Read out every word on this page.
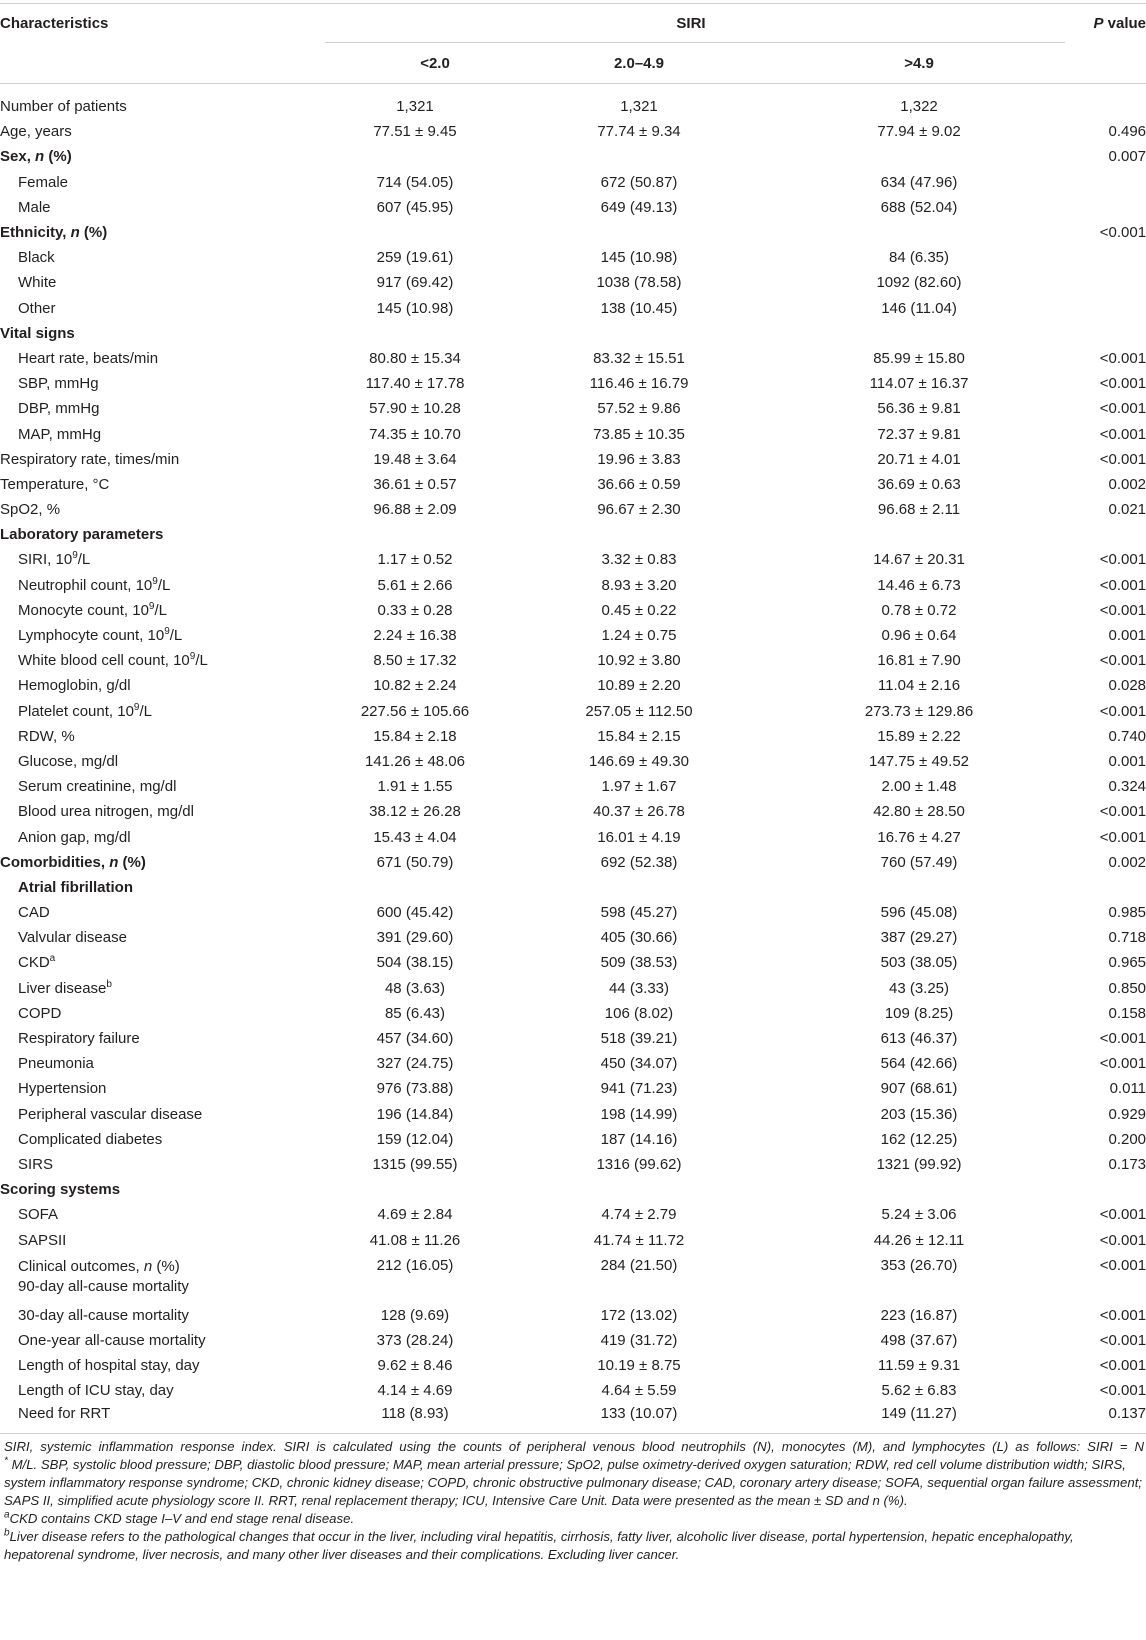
Characteristics	SIRI			P value
	<2.0	2.0–4.9	>4.9	

Number of patients	1,321	1,321	1,322	
Age, years	77.51 ± 9.45	77.74 ± 9.34	77.94 ± 9.02	0.496
Sex, n (%)				0.007
Female	714 (54.05)	672 (50.87)	634 (47.96)	
Male	607 (45.95)	649 (49.13)	688 (52.04)	
Ethnicity, n (%)				<0.001
Black	259 (19.61)	145 (10.98)	84 (6.35)	
White	917 (69.42)	1038 (78.58)	1092 (82.60)	
Other	145 (10.98)	138 (10.45)	146 (11.04)	
Vital signs				
Heart rate, beats/min	80.80 ± 15.34	83.32 ± 15.51	85.99 ± 15.80	<0.001
SBP, mmHg	117.40 ± 17.78	116.46 ± 16.79	114.07 ± 16.37	<0.001
DBP, mmHg	57.90 ± 10.28	57.52 ± 9.86	56.36 ± 9.81	<0.001
MAP, mmHg	74.35 ± 10.70	73.85 ± 10.35	72.37 ± 9.81	<0.001
Respiratory rate, times/min	19.48 ± 3.64	19.96 ± 3.83	20.71 ± 4.01	<0.001
Temperature, °C	36.61 ± 0.57	36.66 ± 0.59	36.69 ± 0.63	0.002
SpO2, %	96.88 ± 2.09	96.67 ± 2.30	96.68 ± 2.11	0.021
Laboratory parameters				
SIRI, $10^9/L$	1.17 ± 0.52	3.32 ± 0.83	14.67 ± 20.31	<0.001
Neutrophil count, $10^9/L$	5.61 ± 2.66	8.93 ± 3.20	14.46 ± 6.73	<0.001
Monocyte count, $10^9/L$	0.33 ± 0.28	0.45 ± 0.22	0.78 ± 0.72	<0.001
Lymphocyte count, $10^9/L$	2.24 ± 16.38	1.24 ± 0.75	0.96 ± 0.64	0.001
White blood cell count, $10^9/L$	8.50 ± 17.32	10.92 ± 3.80	16.81 ± 7.90	<0.001
Hemoglobin, g/dl	10.82 ± 2.24	10.89 ± 2.20	11.04 ± 2.16	0.028
Platelet count, $10^9/L$	227.56 ± 105.66	257.05 ± 112.50	273.73 ± 129.86	<0.001
RDW, %	15.84 ± 2.18	15.84 ± 2.15	15.89 ± 2.22	0.740
Glucose, mg/dl	141.26 ± 48.06	146.69 ± 49.30	147.75 ± 49.52	0.001
Serum creatinine, mg/dl	1.91 ± 1.55	1.97 ± 1.67	2.00 ± 1.48	0.324
Blood urea nitrogen, mg/dl	38.12 ± 26.28	40.37 ± 26.78	42.80 ± 28.50	<0.001
Anion gap, mg/dl	15.43 ± 4.04	16.01 ± 4.19	16.76 ± 4.27	<0.001
Comorbidities, n (%)	671 (50.79)	692 (52.38)	760 (57.49)	0.002
Atrial fibrillation				
CAD	600 (45.42)	598 (45.27)	596 (45.08)	0.985
Valvular disease	391 (29.60)	405 (30.66)	387 (29.27)	0.718
CKD$^a$	504 (38.15)	509 (38.53)	503 (38.05)	0.965
Liver disease$^b$	48 (3.63)	44 (3.33)	43 (3.25)	0.850
COPD	85 (6.43)	106 (8.02)	109 (8.25)	0.158
Respiratory failure	457 (34.60)	518 (39.21)	613 (46.37)	<0.001
Pneumonia	327 (24.75)	450 (34.07)	564 (42.66)	<0.001
Hypertension	976 (73.88)	941 (71.23)	907 (68.61)	0.011
Peripheral vascular disease	196 (14.84)	198 (14.99)	203 (15.36)	0.929
Complicated diabetes	159 (12.04)	187 (14.16)	162 (12.25)	0.200
SIRS	1315 (99.55)	1316 (99.62)	1321 (99.92)	0.173
Scoring systems				
SOFA	4.69 ± 2.84	4.74 ± 2.79	5.24 ± 3.06	<0.001
SAPSII	41.08 ± 11.26	41.74 ± 11.72	44.26 ± 12.11	<0.001
Clinical outcomes, n (%)
90-day all-cause mortality	212 (16.05)	284 (21.50)	353 (26.70)	<0.001
30-day all-cause mortality	128 (9.69)	172 (13.02)	223 (16.87)	<0.001
One-year all-cause mortality	373 (28.24)	419 (31.72)	498 (37.67)	<0.001
Length of hospital stay, day	9.62 ± 8.46	10.19 ± 8.75	11.59 ± 9.31	<0.001
Length of ICU stay, day	4.14 ± 4.69	4.64 ± 5.59	5.62 ± 6.83	<0.001
Need for RRT	118 (8.93)	133 (10.07)	149 (11.27)	0.137

SIRI, systemic inflammation response index. SIRI is calculated using the counts of peripheral venous blood neutrophils (N), monocytes (M), and lymphocytes (L) as follows: SIRI = N

* M/L. SBP, systolic blood pressure; DBP, diastolic blood pressure; MAP, mean arterial pressure; SpO2, pulse oximetry-derived oxygen saturation; RDW, red cell volume distribution width; SIRS, system inflammatory response syndrome; CKD, chronic kidney disease; COPD, chronic obstructive pulmonary disease; CAD, coronary artery disease; SOFA, sequential organ failure assessment; SAPS II, simplified acute physiology score II. RRT, renal replacement therapy; ICU, Intensive Care Unit. Data were presented as the mean ± SD and n (%).

$^a$CKD contains CKD stage I–V and end stage renal disease.

$^b$Liver disease refers to the pathological changes that occur in the liver, including viral hepatitis, cirrhosis, fatty liver, alcoholic liver disease, portal hypertension, hepatic encephalopathy, hepatorenal syndrome, liver necrosis, and many other liver diseases and their complications. Excluding liver cancer.
